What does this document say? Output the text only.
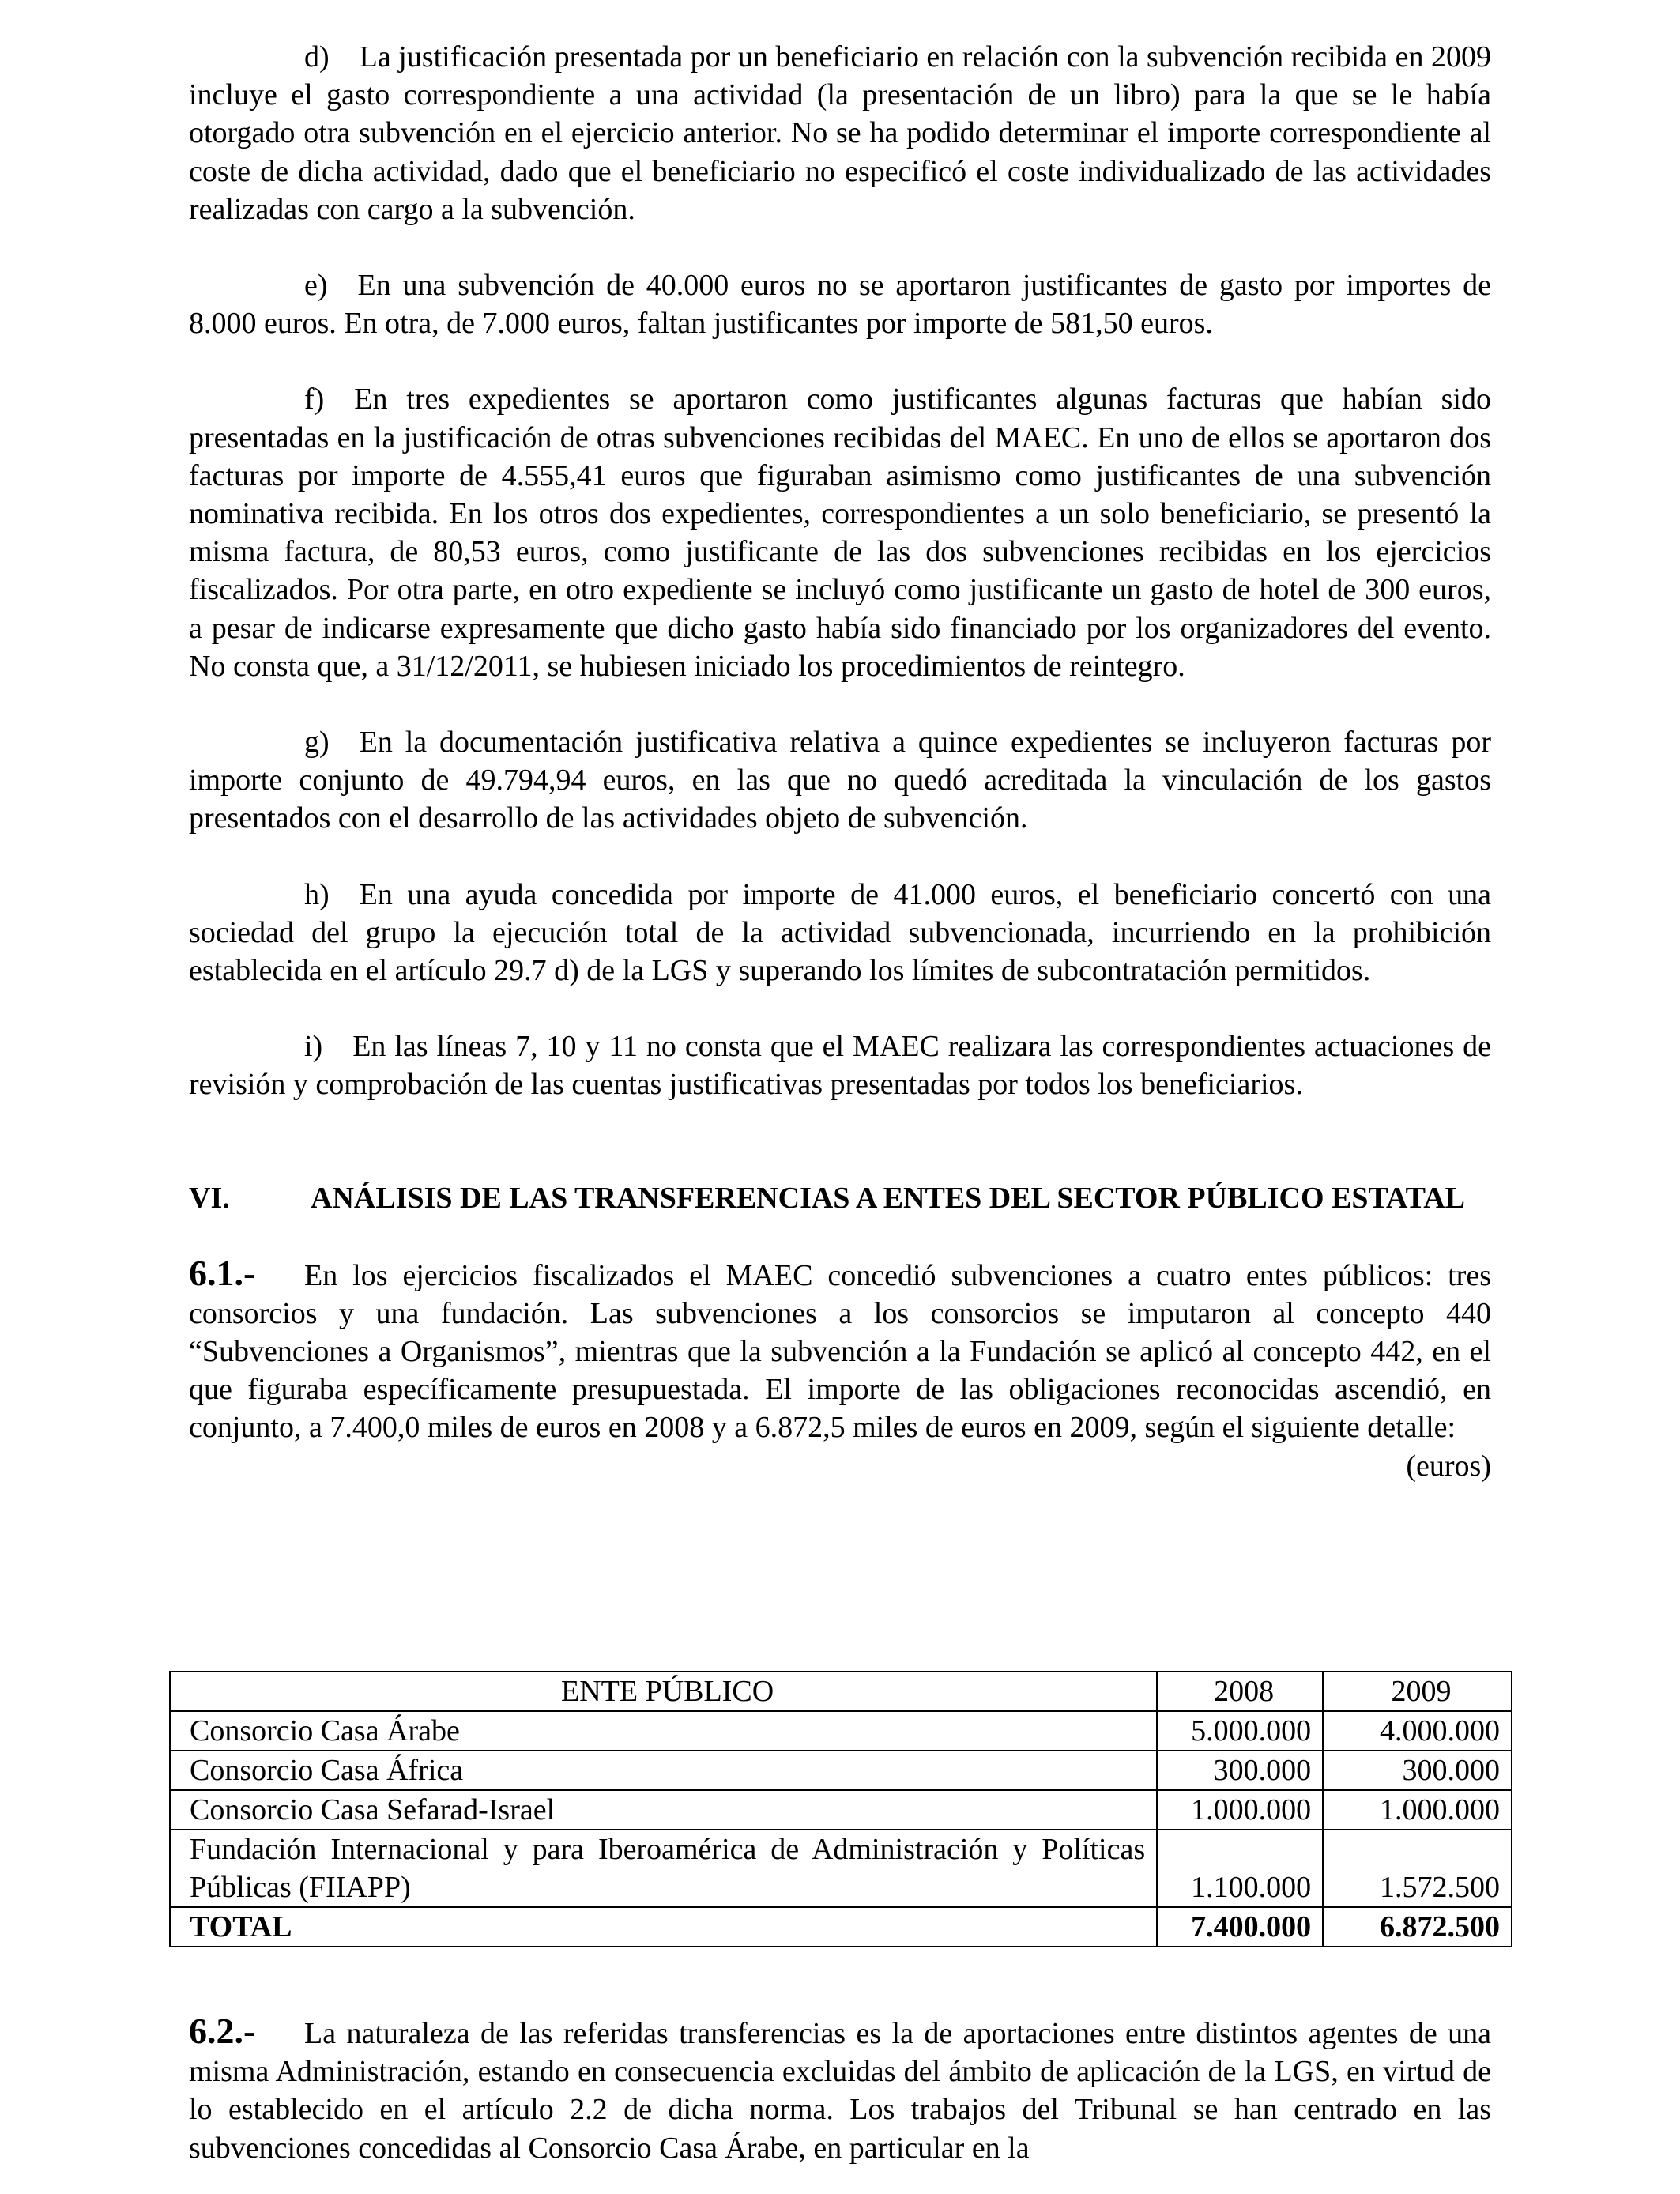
d) La justificación presentada por un beneficiario en relación con la subvención recibida en 2009 incluye el gasto correspondiente a una actividad (la presentación de un libro) para la que se le había otorgado otra subvención en el ejercicio anterior. No se ha podido determinar el importe correspondiente al coste de dicha actividad, dado que el beneficiario no especificó el coste individualizado de las actividades realizadas con cargo a la subvención.

e) En una subvención de 40.000 euros no se aportaron justificantes de gasto por importes de 8.000 euros. En otra, de 7.000 euros, faltan justificantes por importe de 581,50 euros.

f) En tres expedientes se aportaron como justificantes algunas facturas que habían sido presentadas en la justificación de otras subvenciones recibidas del MAEC. En uno de ellos se aportaron dos facturas por importe de 4.555,41 euros que figuraban asimismo como justificantes de una subvención nominativa recibida. En los otros dos expedientes, correspondientes a un solo beneficiario, se presentó la misma factura, de 80,53 euros, como justificante de las dos subvenciones recibidas en los ejercicios fiscalizados. Por otra parte, en otro expediente se incluyó como justificante un gasto de hotel de 300 euros, a pesar de indicarse expresamente que dicho gasto había sido financiado por los organizadores del evento. No consta que, a 31/12/2011, se hubiesen iniciado los procedimientos de reintegro.

g) En la documentación justificativa relativa a quince expedientes se incluyeron facturas por importe conjunto de 49.794,94 euros, en las que no quedó acreditada la vinculación de los gastos presentados con el desarrollo de las actividades objeto de subvención.

h) En una ayuda concedida por importe de 41.000 euros, el beneficiario concertó con una sociedad del grupo la ejecución total de la actividad subvencionada, incurriendo en la prohibición establecida en el artículo 29.7 d) de la LGS y superando los límites de subcontratación permitidos.

i) En las líneas 7, 10 y 11 no consta que el MAEC realizara las correspondientes actuaciones de revisión y comprobación de las cuentas justificativas presentadas por todos los beneficiarios.

VI.	ANÁLISIS DE LAS TRANSFERENCIAS A ENTES DEL SECTOR PÚBLICO ESTATAL

6.1.- En los ejercicios fiscalizados el MAEC concedió subvenciones a cuatro entes públicos: tres consorcios y una fundación. Las subvenciones a los consorcios se imputaron al concepto 440 “Subvenciones a Organismos”, mientras que la subvención a la Fundación se aplicó al concepto 442, en el que figuraba específicamente presupuestada. El importe de las obligaciones reconocidas ascendió, en conjunto, a 7.400,0 miles de euros en 2008 y a 6.872,5 miles de euros en 2009, según el siguiente detalle:

(euros)

ENTE PÚBLICO	2008	2009
Consorcio Casa Árabe	5.000.000	4.000.000
Consorcio Casa África	300.000	300.000
Consorcio Casa Sefarad-Israel	1.000.000	1.000.000
Fundación Internacional y para Iberoamérica de Administración y Políticas Públicas (FIIAPP)	1.100.000	1.572.500
TOTAL	7.400.000	6.872.500

6.2.- La naturaleza de las referidas transferencias es la de aportaciones entre distintos agentes de una misma Administración, estando en consecuencia excluidas del ámbito de aplicación de la LGS, en virtud de lo establecido en el artículo 2.2 de dicha norma. Los trabajos del Tribunal se han centrado en las subvenciones concedidas al Consorcio Casa Árabe, en particular en la
